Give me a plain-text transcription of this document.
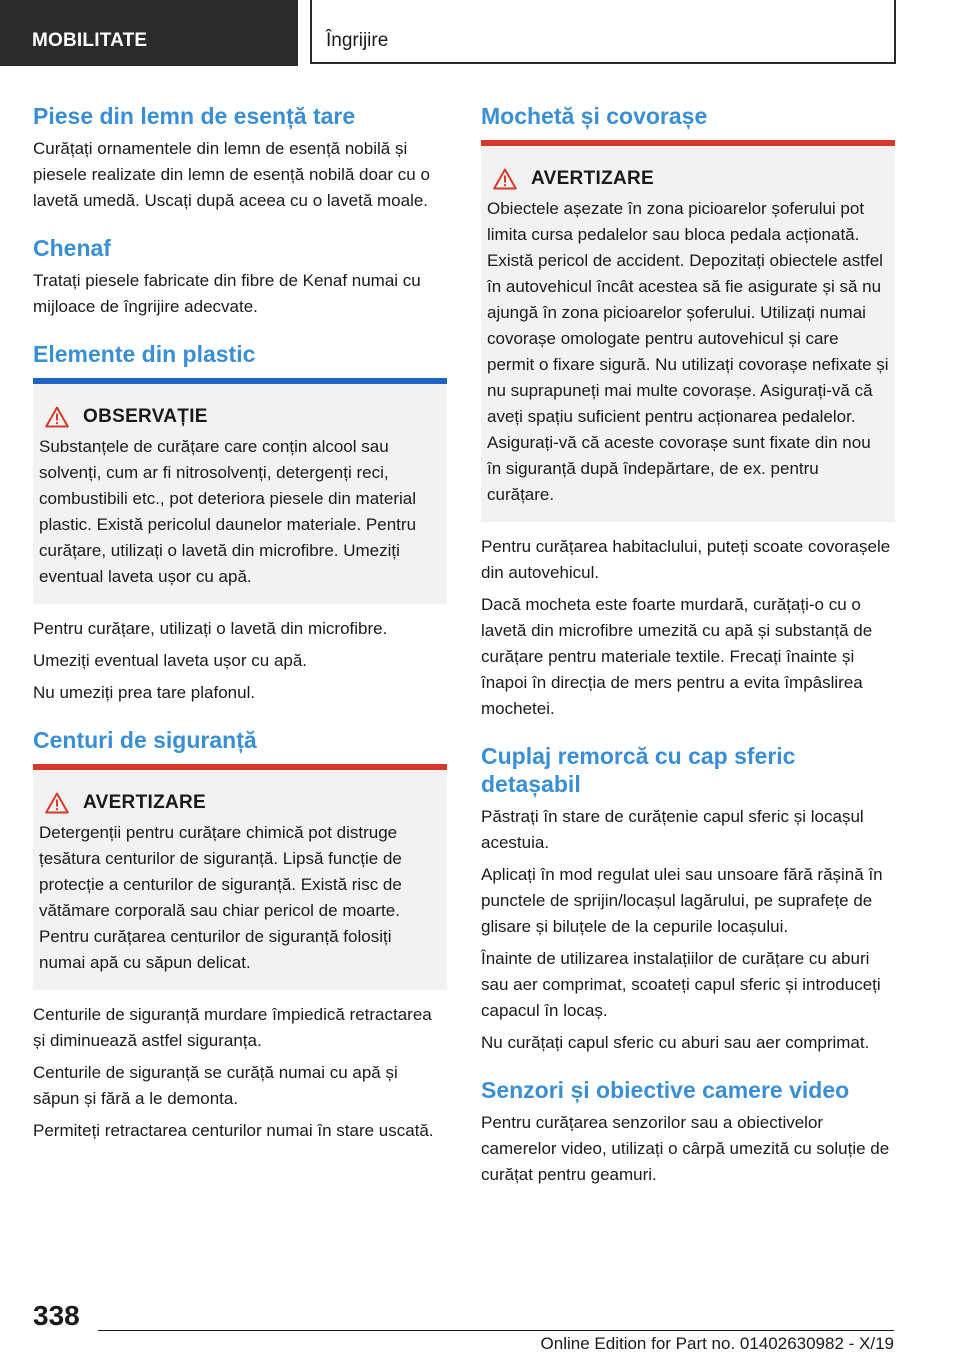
MOBILITATE	Îngrijire
Piese din lemn de esență tare

Curățați ornamentele din lemn de esență nobilă și piesele realizate din lemn de esență nobilă doar cu o lavetă umedă. Uscați după aceea cu o lavetă moale.

Chenaf

Tratați piesele fabricate din fibre de Kenaf numai cu mijloace de îngrijire adecvate.

Elemente din plastic
OBSERVAȚIE

Substanțele de curățare care conțin alcool sau solvenți, cum ar fi nitrosolvenți, detergenți reci, combustibili etc., pot deteriora piesele din material plastic. Există pericolul daunelor materiale. Pentru curățare, utilizați o lavetă din microfibre. Umeziți eventual laveta ușor cu apă.

Pentru curățare, utilizați o lavetă din microfibre.

Umeziți eventual laveta ușor cu apă.

Nu umeziți prea tare plafonul.

Centuri de siguranță
AVERTIZARE

Detergenții pentru curățare chimică pot distruge țesătura centurilor de siguranță. Lipsă funcție de protecție a centurilor de siguranță. Există risc de vătămare corporală sau chiar pericol de moarte. Pentru curățarea centurilor de siguranță folosiți numai apă cu săpun delicat.

Centurile de siguranță murdare împiedică retractarea și diminuează astfel siguranța.

Centurile de siguranță se curăță numai cu apă și săpun și fără a le demonta.

Permiteți retractarea centurilor numai în stare uscată.

Mochetă și covorașe
AVERTIZARE

Obiectele așezate în zona picioarelor șoferului pot limita cursa pedalelor sau bloca pedala acționată. Există pericol de accident. Depozitați obiectele astfel în autovehicul încât acestea să fie asigurate și să nu ajungă în zona picioarelor șoferului. Utilizați numai covorașe omologate pentru autovehicul și care permit o fixare sigură. Nu utilizați covorașe nefixate și nu suprapuneți mai multe covorașe. Asigurați-vă că aveți spațiu suficient pentru acționarea pedalelor. Asigurați-vă că aceste covorașe sunt fixate din nou în siguranță după îndepărtare, de ex. pentru curățare.

Pentru curățarea habitaclului, puteți scoate covorașele din autovehicul.

Dacă mocheta este foarte murdară, curățați-o cu o lavetă din microfibre umezită cu apă și substanță de curățare pentru materiale textile. Frecați înainte și înapoi în direcția de mers pentru a evita împâslirea mochetei.

Cuplaj remorcă cu cap sferic detașabil

Păstrați în stare de curățenie capul sferic și locașul acestuia.

Aplicați în mod regulat ulei sau unsoare fără rășină în punctele de sprijin/locașul lagărului, pe suprafețe de glisare și biluțele de la cepurile locașului.

Înainte de utilizarea instalațiilor de curățare cu aburi sau aer comprimat, scoateți capul sferic și introduceți capacul în locaș.

Nu curățați capul sferic cu aburi sau aer comprimat.

Senzori și obiective camere video

Pentru curățarea senzorilor sau a obiectivelor camerelor video, utilizați o cârpă umezită cu soluție de curățat pentru geamuri.

338
Online Edition for Part no. 01402630982 - X/19
